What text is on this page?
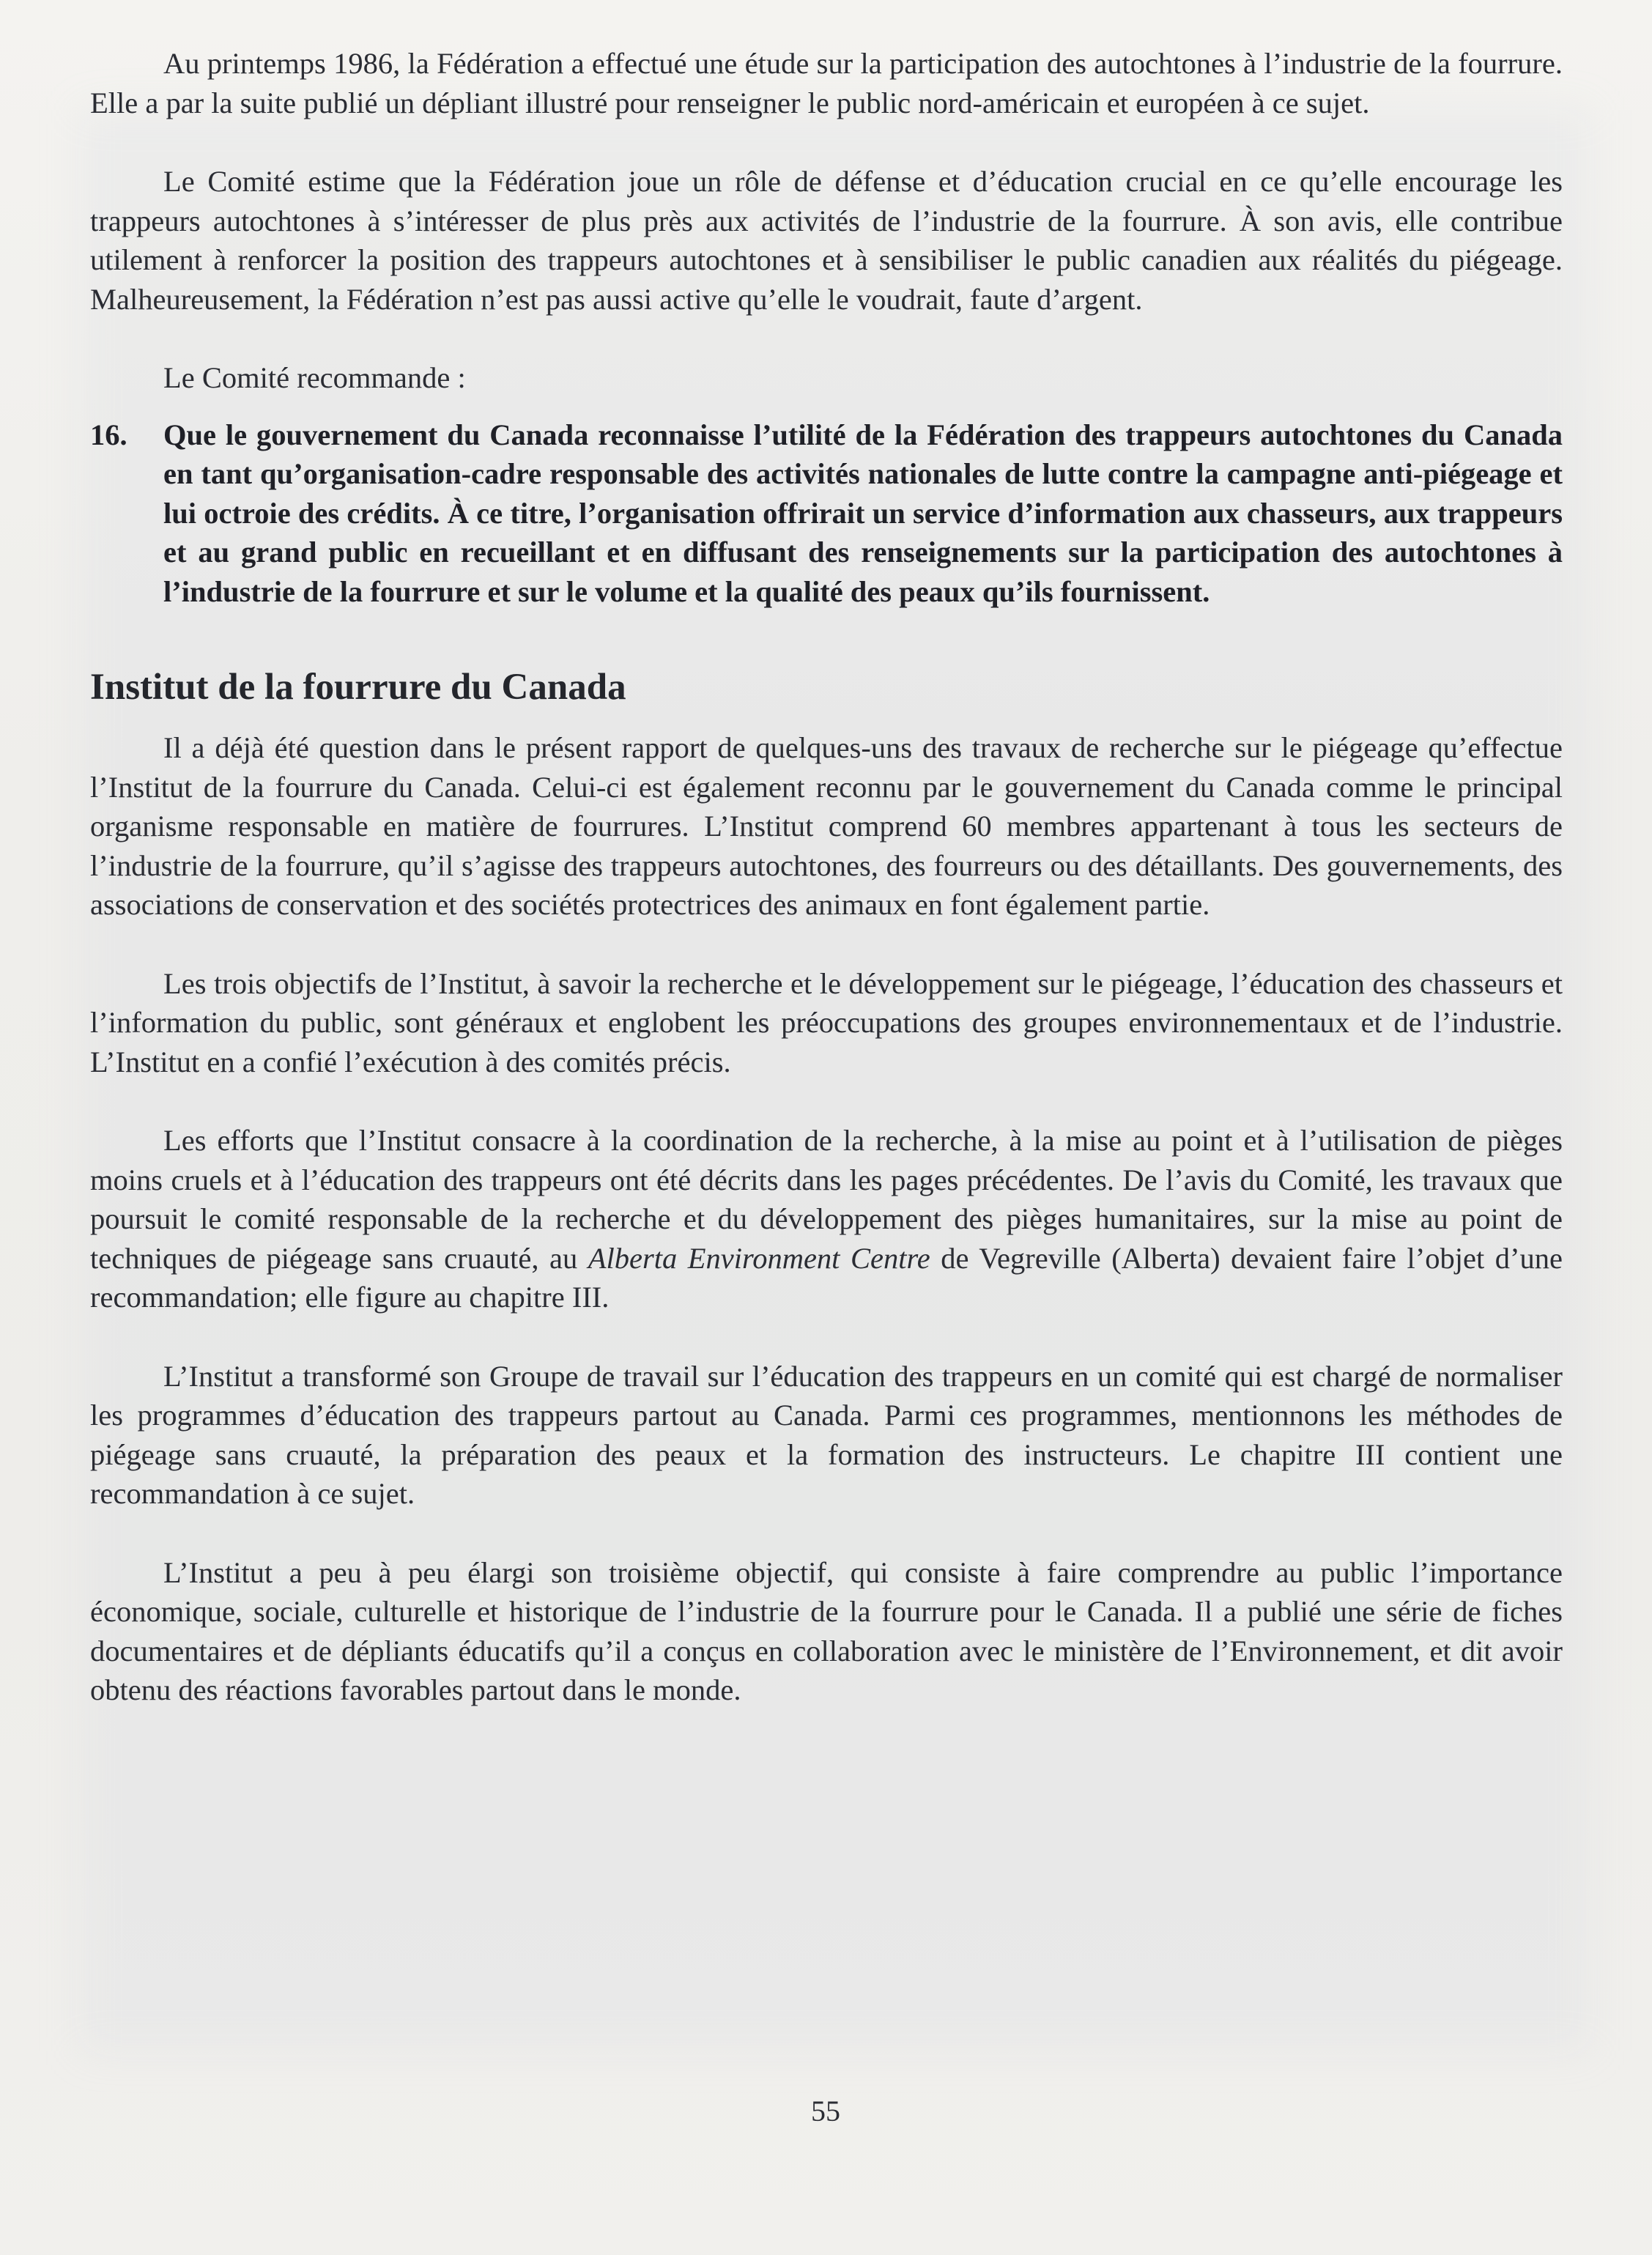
Au printemps 1986, la Fédération a effectué une étude sur la participation des autochtones à l’industrie de la fourrure. Elle a par la suite publié un dépliant illustré pour renseigner le public nord-américain et européen à ce sujet.

Le Comité estime que la Fédération joue un rôle de défense et d’éducation crucial en ce qu’elle encourage les trappeurs autochtones à s’intéresser de plus près aux activités de l’industrie de la fourrure. À son avis, elle contribue utilement à renforcer la position des trappeurs autochtones et à sensibiliser le public canadien aux réalités du piégeage. Malheureusement, la Fédération n’est pas aussi active qu’elle le voudrait, faute d’argent.

Le Comité recommande :

16.	Que le gouvernement du Canada reconnaisse l’utilité de la Fédération des trappeurs autochtones du Canada en tant qu’organisation-cadre responsable des activités nationales de lutte contre la campagne anti-piégeage et lui octroie des crédits. À ce titre, l’organisation offrirait un service d’information aux chasseurs, aux trappeurs et au grand public en recueillant et en diffusant des renseignements sur la participation des autochtones à l’industrie de la fourrure et sur le volume et la qualité des peaux qu’ils fournissent.
Institut de la fourrure du Canada

Il a déjà été question dans le présent rapport de quelques-uns des travaux de recherche sur le piégeage qu’effectue l’Institut de la fourrure du Canada. Celui-ci est également reconnu par le gouvernement du Canada comme le principal organisme responsable en matière de fourrures. L’Institut comprend 60 membres appartenant à tous les secteurs de l’industrie de la fourrure, qu’il s’agisse des trappeurs autochtones, des fourreurs ou des détaillants. Des gouvernements, des associations de conservation et des sociétés protectrices des animaux en font également partie.

Les trois objectifs de l’Institut, à savoir la recherche et le développement sur le piégeage, l’éducation des chasseurs et l’information du public, sont généraux et englobent les préoccupations des groupes environnementaux et de l’industrie. L’Institut en a confié l’exécution à des comités précis.

Les efforts que l’Institut consacre à la coordination de la recherche, à la mise au point et à l’utilisation de pièges moins cruels et à l’éducation des trappeurs ont été décrits dans les pages précédentes. De l’avis du Comité, les travaux que poursuit le comité responsable de la recherche et du développement des pièges humanitaires, sur la mise au point de techniques de piégeage sans cruauté, au Alberta Environment Centre de Vegreville (Alberta) devaient faire l’objet d’une recommandation; elle figure au chapitre III.

L’Institut a transformé son Groupe de travail sur l’éducation des trappeurs en un comité qui est chargé de normaliser les programmes d’éducation des trappeurs partout au Canada. Parmi ces programmes, mentionnons les méthodes de piégeage sans cruauté, la préparation des peaux et la formation des instructeurs. Le chapitre III contient une recommandation à ce sujet.

L’Institut a peu à peu élargi son troisième objectif, qui consiste à faire comprendre au public l’importance économique, sociale, culturelle et historique de l’industrie de la fourrure pour le Canada. Il a publié une série de fiches documentaires et de dépliants éducatifs qu’il a conçus en collaboration avec le ministère de l’Environnement, et dit avoir obtenu des réactions favorables partout dans le monde.

55
